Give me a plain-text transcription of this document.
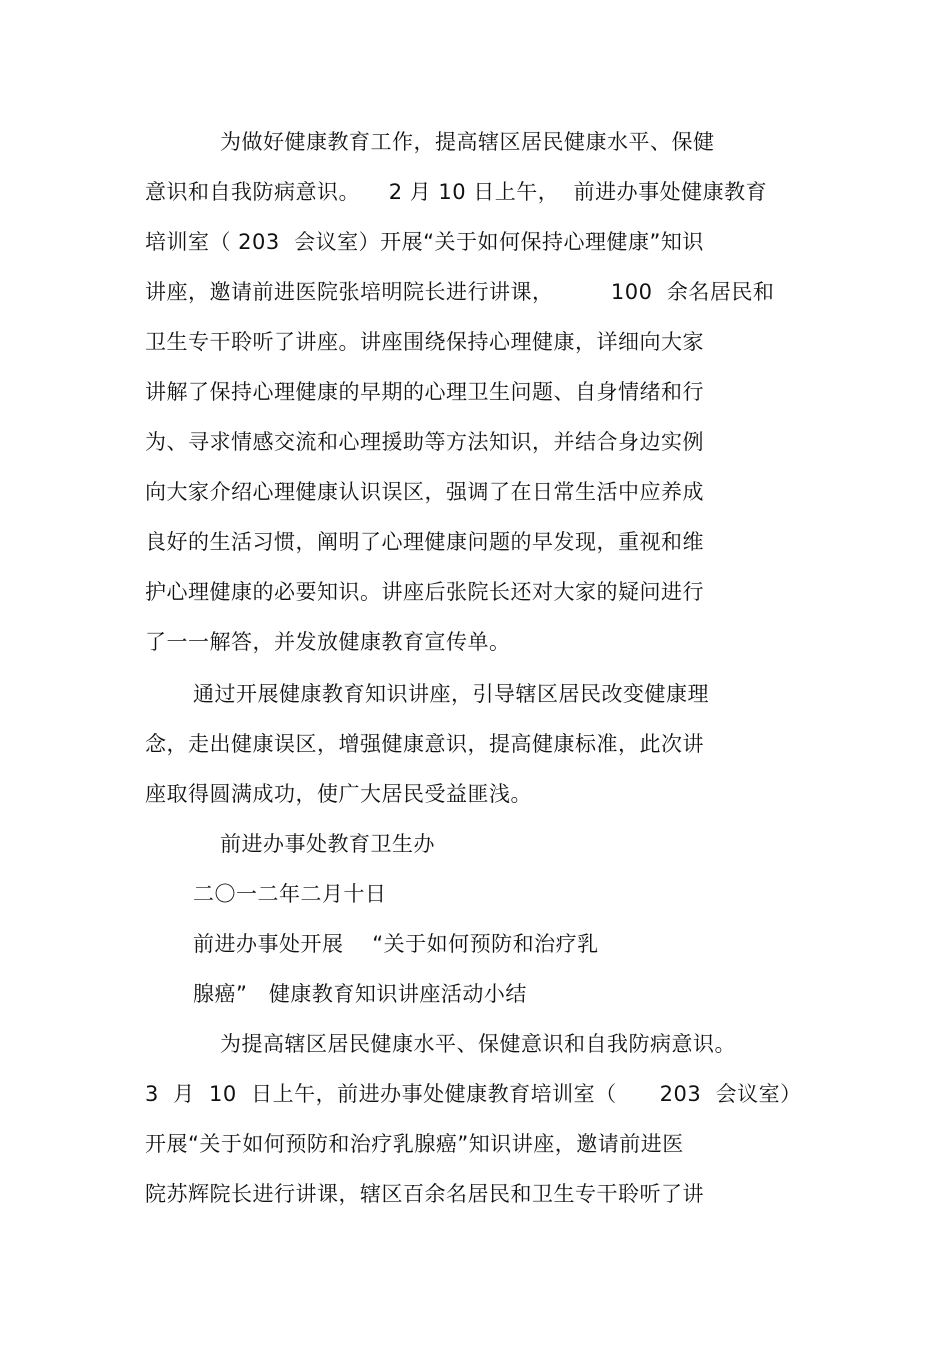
为做好健康教育工作，提高辖区居民健康水平、保健
意识和自我防病意识。    2 月 10 日上午，  前进办事处健康教育
培训室（ 203  会议室）开展“关于如何保持心理健康”知识
讲座，邀请前进医院张培明院长进行讲课，        100  余名居民和
卫生专干聆听了讲座。讲座围绕保持心理健康，详细向大家
讲解了保持心理健康的早期的心理卫生问题、自身情绪和行
为、寻求情感交流和心理援助等方法知识，并结合身边实例
向大家介绍心理健康认识误区，强调了在日常生活中应养成
良好的生活习惯，阐明了心理健康问题的早发现，重视和维
护心理健康的必要知识。讲座后张院长还对大家的疑问进行
了一一解答，并发放健康教育宣传单。
通过开展健康教育知识讲座，引导辖区居民改变健康理
念，走出健康误区，增强健康意识，提高健康标准，此次讲
座取得圆满成功，使广大居民受益匪浅。
前进办事处教育卫生办
二〇一二年二月十日
前进办事处开展    “关于如何预防和治疗乳
腺癌”   健康教育知识讲座活动小结
为提高辖区居民健康水平、保健意识和自我防病意识。
3  月  10  日上午，前进办事处健康教育培训室（      203  会议室）
开展“关于如何预防和治疗乳腺癌”知识讲座，邀请前进医
院苏辉院长进行讲课，辖区百余名居民和卫生专干聆听了讲
